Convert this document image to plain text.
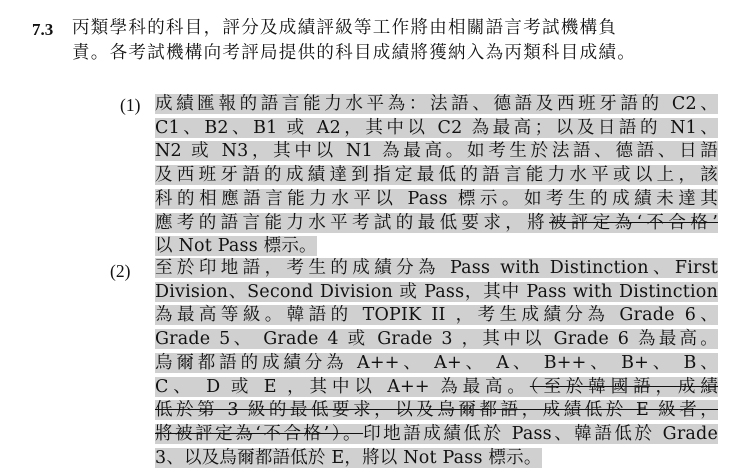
7.3 丙類學科的科目，評分及成績評級等工作將由相關語言考試機構負
責。各考試機構向考評局提供的科目成績將獲納入為丙類科目成績。
(1) 成績匯報的語言能力水平為：法語、德語及西班牙語的 C2、
C1、B2、B1 或 A2，其中以 C2 為最高；以及日語的 N1、
N2 或 N3，其中以 N1 為最高。如考生於法語、德語、日語
及西班牙語的成績達到指定最低的語言能力水平或以上，該
科的相應語言能力水平以 Pass 標示。如考生的成績未達其
應考的語言能力水平考試的最低要求，將被評定為‘不合格’
以 Not Pass 標示。
(2) 至於印地語，考生的成績分為 Pass with Distinction、First
Division、Second Division 或 Pass，其中 Pass with Distinction
為最高等級。韓語的 TOPIK II ，考生成績分為 Grade 6、
Grade 5、 Grade 4 或 Grade 3 ，其中以 Grade 6 為最高。
烏爾都語的成績分為 A++、 A+、 A、 B++、 B+、 B、
C、 D 或 E ，其中以 A++ 為最高。（至於韓國語，成績
低於第 3 級的最低要求，以及烏爾都語，成績低於 E 級者，
將被評定為‘不合格’）。印地語成績低於 Pass、韓語低於 Grade
3、以及烏爾都語低於 E，將以 Not Pass 標示。
